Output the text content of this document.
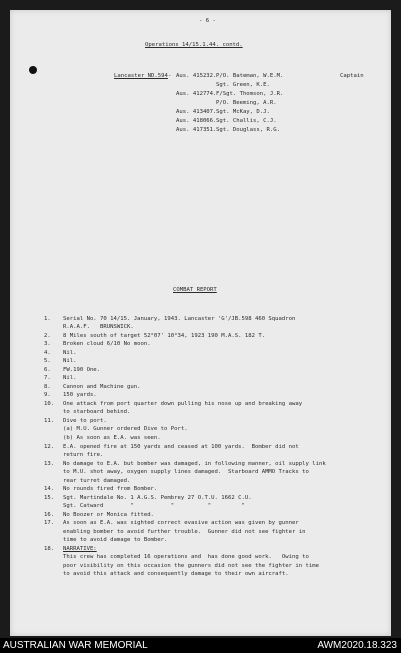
- 6 -
Operations 14/15.1.44. contd.
Lancaster ND.594 - Aus. 415232. P/O. Bateman, W.E.M.	Captain
Sgt. Green, K.E.
Aus. 412774. F/Sgt. Thomson, J.R.
P/O. Beeming, A.R.
Aus. 413407. Sgt. McKay, D.J.
Aus. 418066. Sgt. Challis, C.J.
Aus. 417351. Sgt. Douglass, R.G.
COMBAT REPORT
1. Serial No. 70 14/15. January, 1943. Lancaster 'G'/JB.598 460 Squadron
R.A.A.F.   BRUNSWICK.
2. 8 Miles south of target 52°07' 10°34, 1923 190 M.A.S. 182 T.
3. Broken cloud 6/10 No moon.
4. Nil.
5. Nil.
6. FW.190 One.
7. Nil.
8. Cannon and Machine gun.
9. 150 yards.
10. One attack from port quarter down pulling his nose up and breaking away
to starboard behind.
11. Dive to port.
(a) M.U. Gunner ordered Dive to Port.
(b) As soon as E.A. was seen.
12. E.A. opened fire at 150 yards and ceased at 100 yards.  Bomber did not
return fire.
13. No damage to E.A. but bomber was damaged, in following manner, oil supply link
to M.U. shot away, oxygen supply lines damaged.  Starboard AMMO Tracks to
rear turret damaged.
14. No rounds fired from Bomber.
15. Sgt. Martindale No. 1 A.G.S. Pembrey 27 O.T.U. 1662 C.U.
Sgt. Catward        "           "          "         "
16. No Boozer or Monica fitted.
17. As soon as E.A. was sighted correct evasive action was given by gunner
enabling bomber to avoid further trouble.  Gunner did not see fighter in
time to avoid damage to Bomber.
18. NARRATIVE:
This crew has completed 16 operations and  has done good work.   Owing to
poor visibility on this occasion the gunners did not see the fighter in time
to avoid this attack and consequently damage to their own aircraft.
AUSTRALIAN WAR MEMORIAL	AWM2020.18.323
